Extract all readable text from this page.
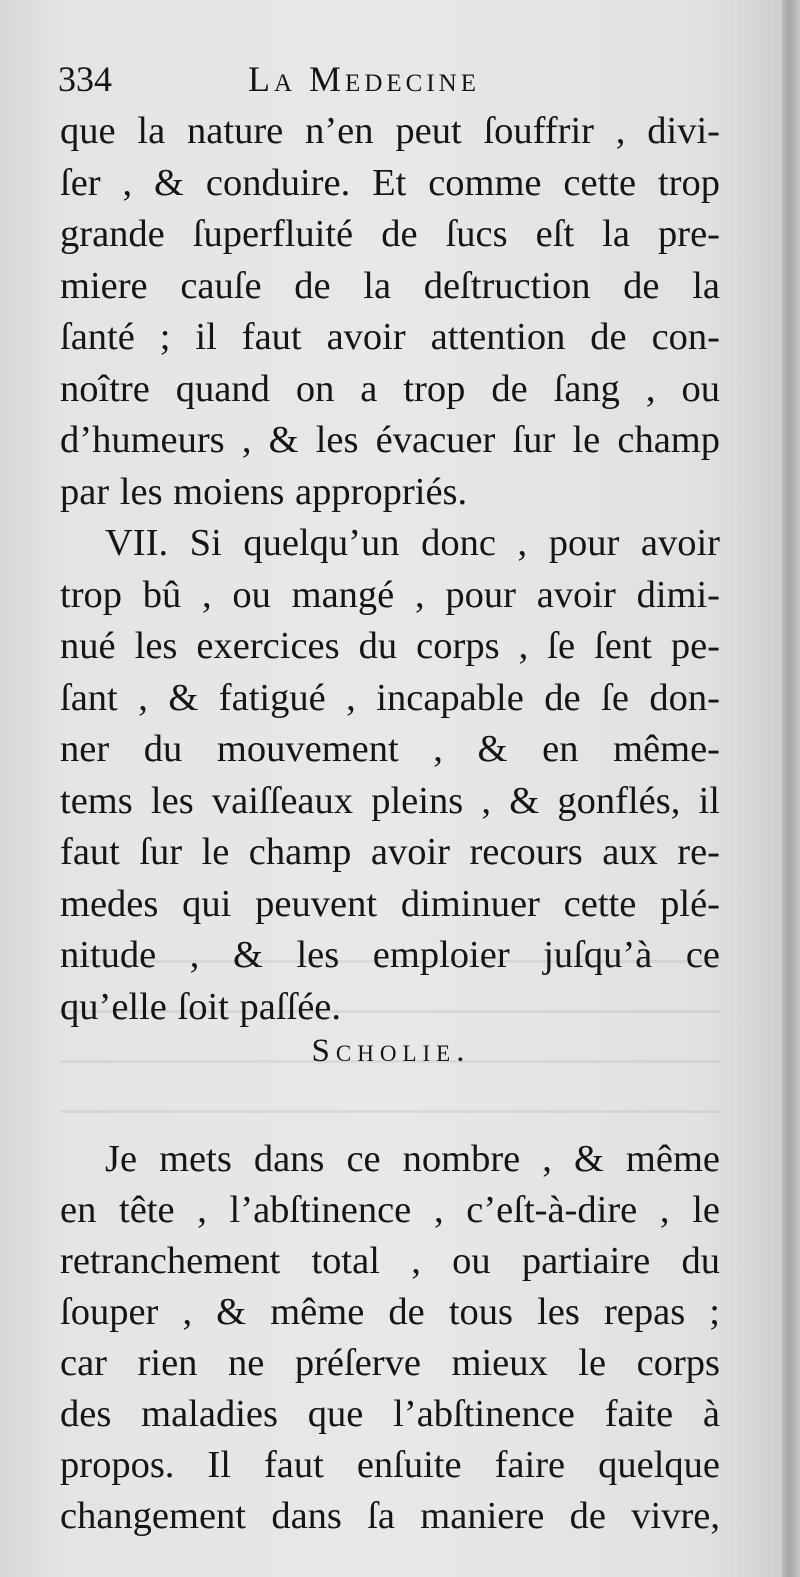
334	La Medecine
que la nature n’en peut ſouffrir , divi-
ſer , & conduire. Et comme cette trop
grande ſuperfluité de ſucs eſt la pre-
miere cauſe de la deſtruction de la
ſanté ; il faut avoir attention de con-
noître quand on a trop de ſang , ou
d’humeurs , & les évacuer ſur le champ
par les moiens appropriés.
VII. Si quelqu’un donc , pour avoir
trop bû , ou mangé , pour avoir dimi-
nué les exercices du corps , ſe ſent pe-
ſant , & fatigué , incapable de ſe don-
ner du mouvement , & en même-
tems les vaiſſeaux pleins , & gonflés, il
faut ſur le champ avoir recours aux re-
medes qui peuvent diminuer cette plé-
nitude , & les emploier juſqu’à ce
qu’elle ſoit paſſée.
Scholie.
Je mets dans ce nombre , & même
en tête , l’abſtinence , c’eſt-à-dire , le
retranchement total , ou partiaire du
ſouper , & même de tous les repas ;
car rien ne préſerve mieux le corps
des maladies que l’abſtinence faite à
propos. Il faut enſuite faire quelque
changement dans ſa maniere de vivre,
